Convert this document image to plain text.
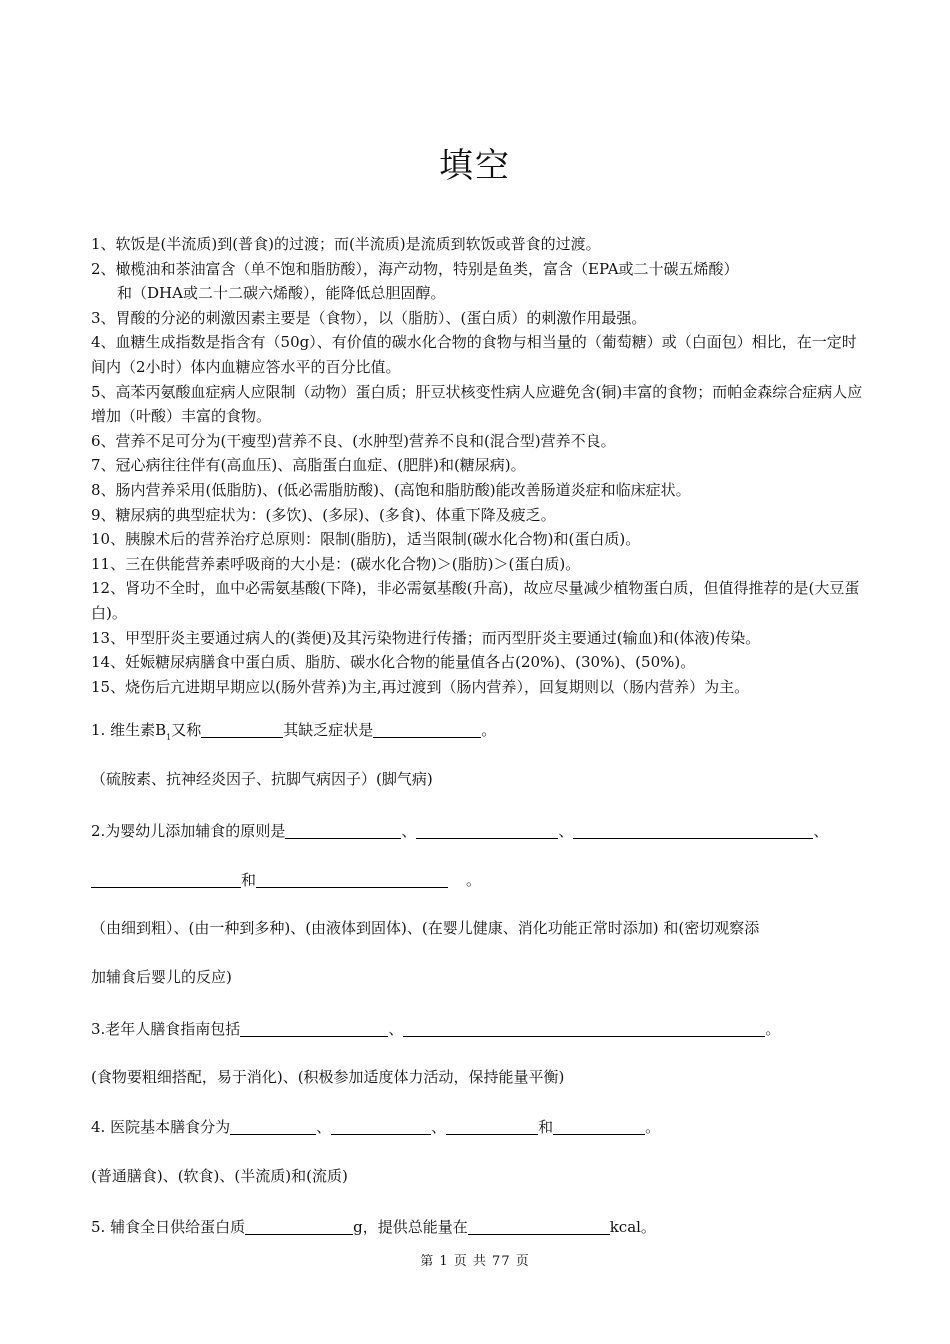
填空
1、软饭是(半流质)到(普食)的过渡；而(半流质)是流质到软饭或普食的过渡。
2、橄榄油和茶油富含（单不饱和脂肪酸），海产动物，特别是鱼类，富含（EPA或二十碳五烯酸）
和（DHA或二十二碳六烯酸），能降低总胆固醇。
3、胃酸的分泌的刺激因素主要是（食物），以（脂肪）、(蛋白质）的刺激作用最强。
4、血糖生成指数是指含有（50g）、有价值的碳水化合物的食物与相当量的（葡萄糖）或（白面包）相比，在一定时间内（2小时）体内血糖应答水平的百分比值。
5、高苯丙氨酸血症病人应限制（动物）蛋白质；肝豆状核变性病人应避免含(铜)丰富的食物；而帕金森综合症病人应增加（叶酸）丰富的食物。
6、营养不足可分为(干瘦型)营养不良、(水肿型)营养不良和(混合型)营养不良。
7、冠心病往往伴有(高血压)、高脂蛋白血症、(肥胖)和(糖尿病)。
8、肠内营养采用(低脂肪)、(低必需脂肪酸)、(高饱和脂肪酸)能改善肠道炎症和临床症状。
9、糖尿病的典型症状为：(多饮)、(多尿)、(多食)、体重下降及疲乏。
10、胰腺术后的营养治疗总原则：限制(脂肪)，适当限制(碳水化合物)和(蛋白质)。
11、三在供能营养素呼吸商的大小是：(碳水化合物)＞(脂肪)＞(蛋白质)。
12、肾功不全时，血中必需氨基酸(下降)，非必需氨基酸(升高)，故应尽量减少植物蛋白质，但值得推荐的是(大豆蛋白)。
13、甲型肝炎主要通过病人的(粪便)及其污染物进行传播；而丙型肝炎主要通过(输血)和(体液)传染。
14、妊娠糖尿病膳食中蛋白质、脂肪、碳水化合物的能量值各占(20%)、(30%)、(50%)。
15、烧伤后亢进期早期应以(肠外营养)为主,再过渡到（肠内营养），回复期则以（肠内营养）为主。
1. 维生素$B_1$又称	其缺乏症状是	。
（硫胺素、抗神经炎因子、抗脚气病因子）(脚气病)
2.为婴幼儿添加辅食的原则是	、	、	、
和	。
（由细到粗）、(由一种到多种)、(由液体到固体)、(在婴儿健康、消化功能正常时添加) 和(密切观察添
加辅食后婴儿的反应)
3.老年人膳食指南包括	、	。
(食物要粗细搭配，易于消化)、(积极参加适度体力活动，保持能量平衡)
4. 医院基本膳食分为	、	、	和	。
(普通膳食)、(软食)、(半流质)和(流质)
5. 辅食全日供给蛋白质	g，提供总能量在	kcal。
第 1 页 共 77 页
